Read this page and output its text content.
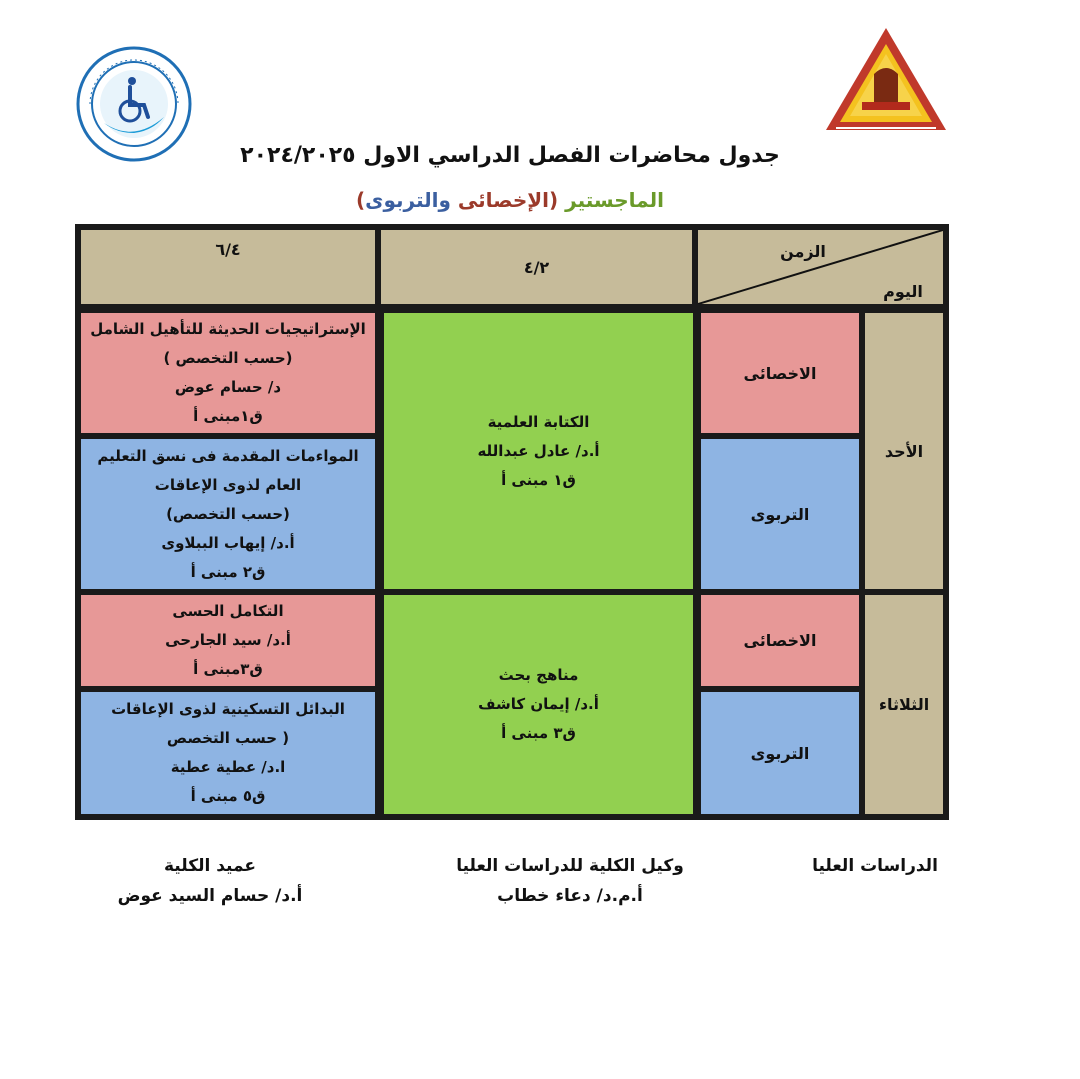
جدول محاضرات الفصل الدراسي الاول ٢٠٢٤/٢٠٢٥
الماجستير (الإخصائى والتربوى)
الزمن
اليوم
٤/٢
٦/٤
الأحد
الاخصائى
التربوى
الكتابة العلمية
أ.د/ عادل عبدالله
ق١ مبنى أ
الإستراتيجيات الحديثة للتأهيل الشامل
(حسب التخصص )
د/ حسام عوض
ق١مبنى أ
المواءمات المقدمة فى نسق التعليم
العام لذوى الإعاقات
(حسب التخصص)
أ.د/ إيهاب الببلاوى
ق٢ مبنى أ
الثلاثاء
الاخصائى
التربوى
مناهج بحث
أ.د/ إيمان كاشف
ق٣ مبنى أ
التكامل الحسى
أ.د/ سيد الجارحى
ق٣مبنى أ
البدائل التسكينية لذوى الإعاقات
( حسب التخصص
ا.د/ عطية عطية
ق٥ مبنى أ
الدراسات العليا
وكيل الكلية للدراسات العليا
أ.م.د/ دعاء خطاب
عميد الكلية
أ.د/ حسام السيد عوض
